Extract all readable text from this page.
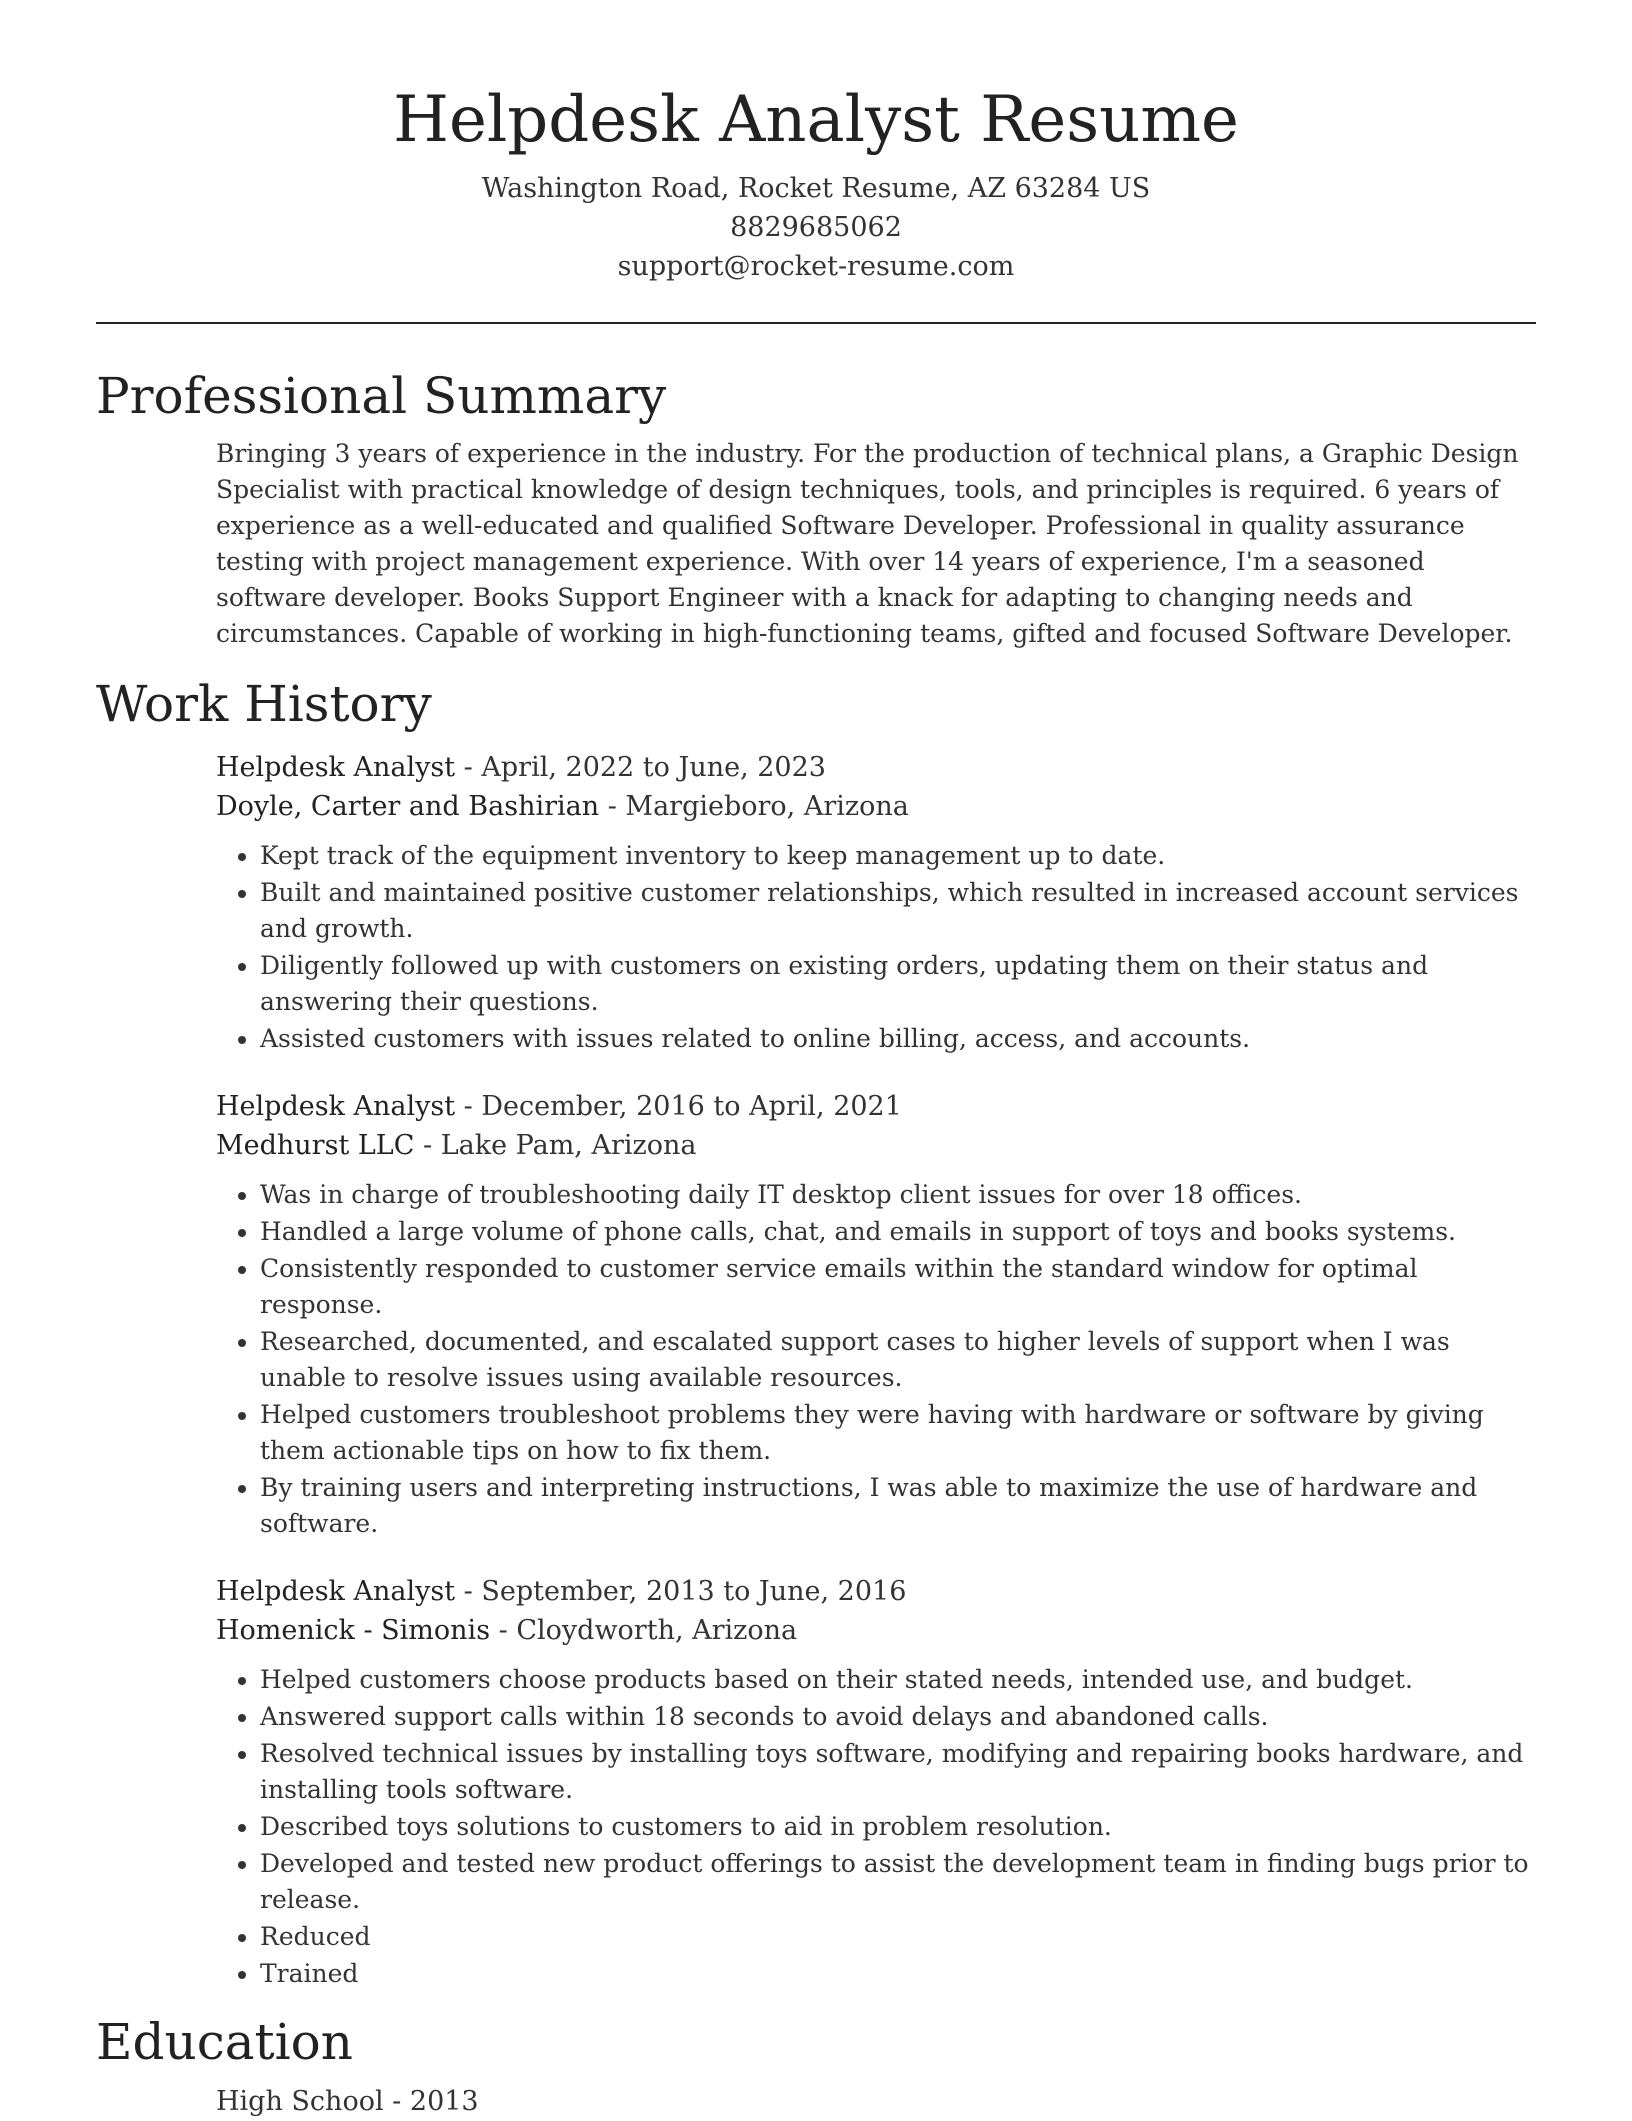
Helpdesk Analyst Resume

Washington Road, Rocket Resume, AZ 63284 US

8829685062

support@rocket-resume.com

Professional Summary

Bringing 3 years of experience in the industry. For the production of technical plans, a Graphic Design Specialist with practical knowledge of design techniques, tools, and principles is required. 6 years of experience as a well-educated and qualified Software Developer. Professional in quality assurance testing with project management experience. With over 14 years of experience, I'm a seasoned software developer. Books Support Engineer with a knack for adapting to changing needs and circumstances. Capable of working in high-functioning teams, gifted and focused Software Developer.

Work History

Helpdesk Analyst - April, 2022 to June, 2023

Doyle, Carter and Bashirian - Margieboro, Arizona

• Kept track of the equipment inventory to keep management up to date.
• Built and maintained positive customer relationships, which resulted in increased account services and growth.
• Diligently followed up with customers on existing orders, updating them on their status and answering their questions.
• Assisted customers with issues related to online billing, access, and accounts.

Helpdesk Analyst - December, 2016 to April, 2021

Medhurst LLC - Lake Pam, Arizona

• Was in charge of troubleshooting daily IT desktop client issues for over 18 offices.
• Handled a large volume of phone calls, chat, and emails in support of toys and books systems.
• Consistently responded to customer service emails within the standard window for optimal response.
• Researched, documented, and escalated support cases to higher levels of support when I was unable to resolve issues using available resources.
• Helped customers troubleshoot problems they were having with hardware or software by giving them actionable tips on how to fix them.
• By training users and interpreting instructions, I was able to maximize the use of hardware and software.

Helpdesk Analyst - September, 2013 to June, 2016

Homenick - Simonis - Cloydworth, Arizona

• Helped customers choose products based on their stated needs, intended use, and budget.
• Answered support calls within 18 seconds to avoid delays and abandoned calls.
• Resolved technical issues by installing toys software, modifying and repairing books hardware, and installing tools software.
• Described toys solutions to customers to aid in problem resolution.
• Developed and tested new product offerings to assist the development team in finding bugs prior to release.
• Reduced
• Trained
Education

High School - 2013
